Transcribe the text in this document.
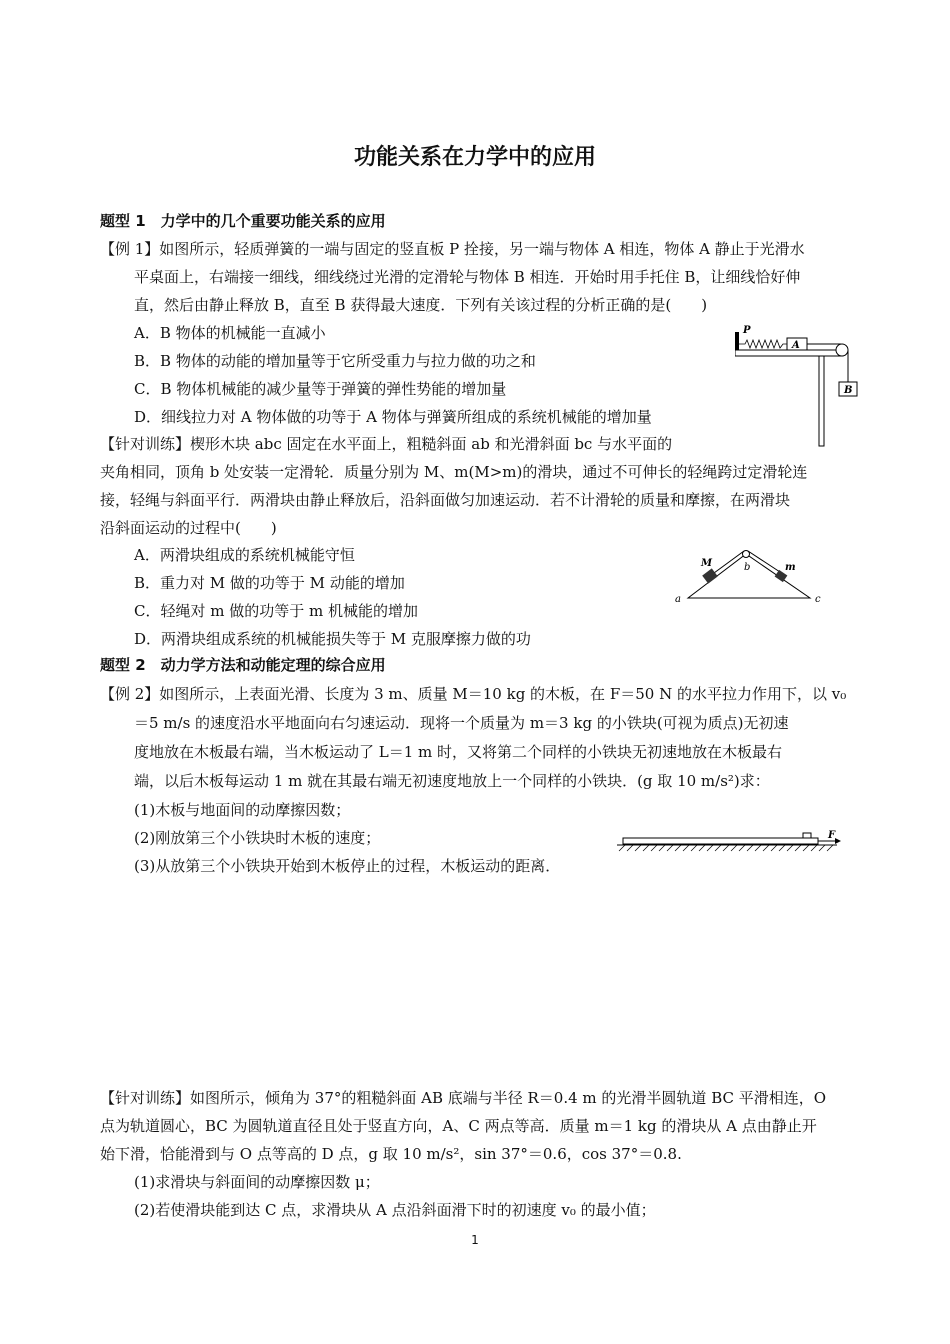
功能关系在力学中的应用
题型 1　力学中的几个重要功能关系的应用
【例 1】如图所示，轻质弹簧的一端与固定的竖直板 P 拴接，另一端与物体 A 相连，物体 A 静止于光滑水
平桌面上，右端接一细线，细线绕过光滑的定滑轮与物体 B 相连．开始时用手托住 B，让细线恰好伸
直，然后由静止释放 B，直至 B 获得最大速度．下列有关该过程的分析正确的是(　　)
A．B 物体的机械能一直减小
B．B 物体的动能的增加量等于它所受重力与拉力做的功之和
C．B 物体机械能的减少量等于弹簧的弹性势能的增加量
D．细线拉力对 A 物体做的功等于 A 物体与弹簧所组成的系统机械能的增加量
P
A
B
【针对训练】楔形木块 abc 固定在水平面上，粗糙斜面 ab 和光滑斜面 bc 与水平面的
夹角相同，顶角 b 处安装一定滑轮．质量分别为 M、m(M>m)的滑块，通过不可伸长的轻绳跨过定滑轮连
接，轻绳与斜面平行．两滑块由静止释放后，沿斜面做匀加速运动．若不计滑轮的质量和摩擦，在两滑块
沿斜面运动的过程中(　　)
A．两滑块组成的系统机械能守恒
B．重力对 M 做的功等于 M 动能的增加
C．轻绳对 m 做的功等于 m 机械能的增加
D．两滑块组成系统的机械能损失等于 M 克服摩擦力做的功
M	m
b
a	c
题型 2　动力学方法和动能定理的综合应用
【例 2】如图所示，上表面光滑、长度为 3 m、质量 M＝10 kg 的木板，在 F＝50 N 的水平拉力作用下，以 v₀
＝5 m/s 的速度沿水平地面向右匀速运动．现将一个质量为 m＝3 kg 的小铁块(可视为质点)无初速
度地放在木板最右端，当木板运动了 L＝1 m 时，又将第二个同样的小铁块无初速地放在木板最右
端，以后木板每运动 1 m 就在其最右端无初速度地放上一个同样的小铁块．(g 取 10 m/s²)求：
(1)木板与地面间的动摩擦因数；
(2)刚放第三个小铁块时木板的速度；
(3)从放第三个小铁块开始到木板停止的过程，木板运动的距离．
F
【针对训练】如图所示，倾角为 37°的粗糙斜面 AB 底端与半径 R＝0.4 m 的光滑半圆轨道 BC 平滑相连，O
点为轨道圆心，BC 为圆轨道直径且处于竖直方向，A、C 两点等高．质量 m＝1 kg 的滑块从 A 点由静止开
始下滑，恰能滑到与 O 点等高的 D 点，g 取 10 m/s²，sin 37°＝0.6，cos 37°＝0.8.
(1)求滑块与斜面间的动摩擦因数 μ；
(2)若使滑块能到达 C 点，求滑块从 A 点沿斜面滑下时的初速度 v₀ 的最小值；
1
